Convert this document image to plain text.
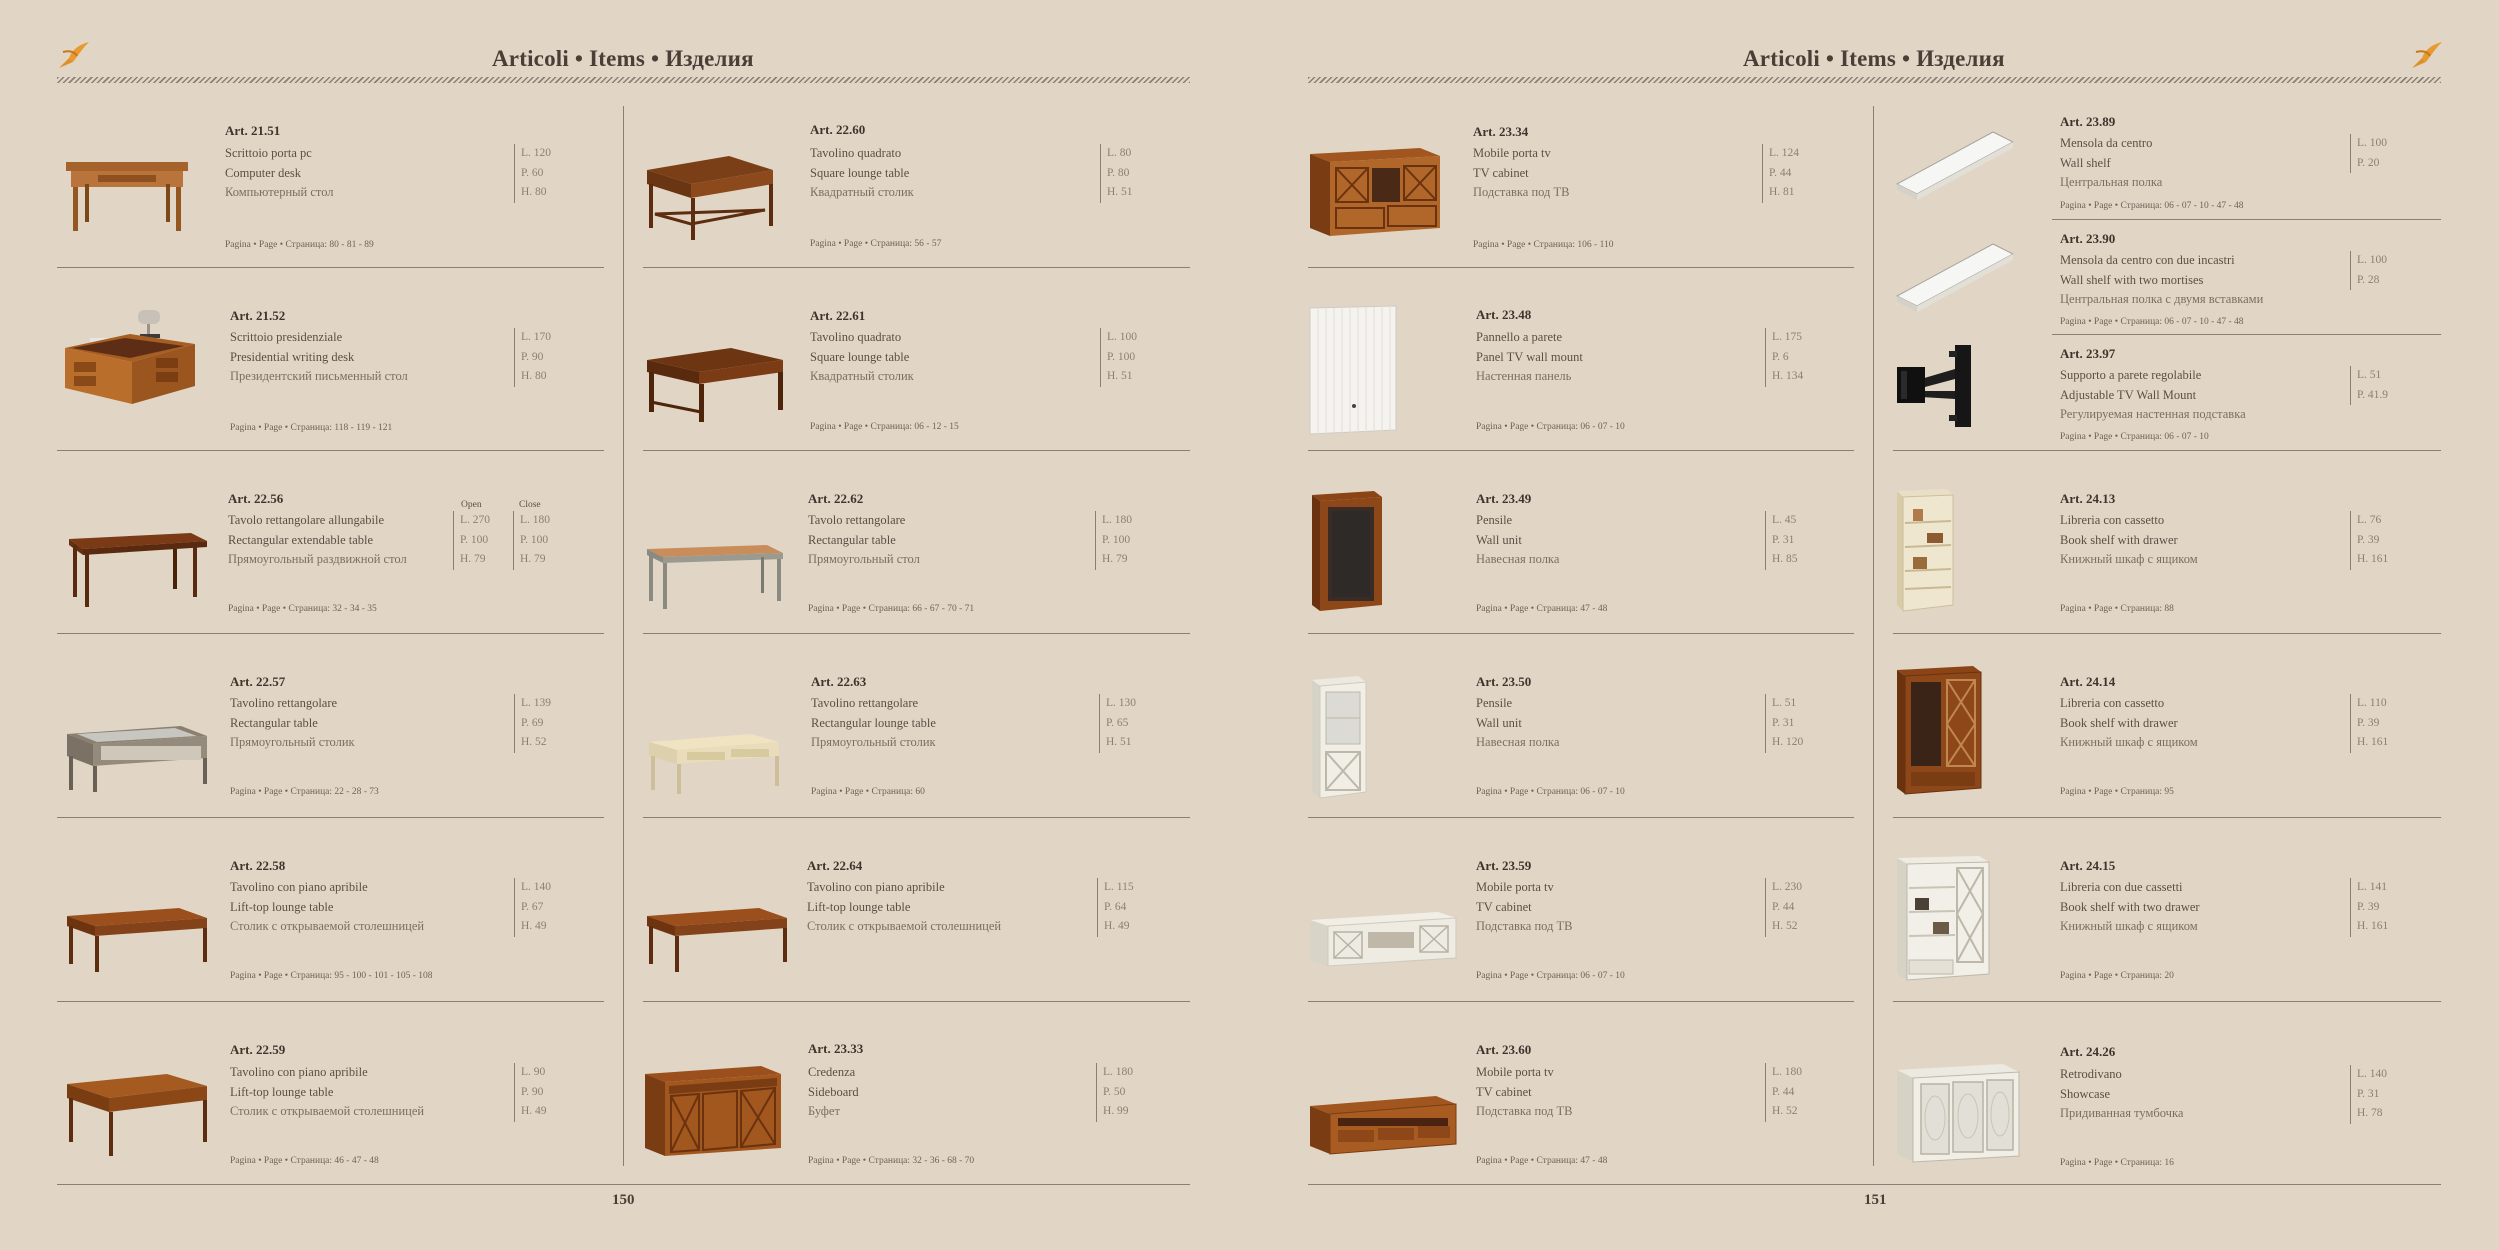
Articoli • Items • Изделия
Art. 21.51
Scrittoio porta pc
Computer desk
Компьютерный стол
L. 120
P. 60
H. 80
Pagina • Page • Страница: 80 - 81 - 89
Art. 21.52
Scrittoio presidenziale
Presidential writing desk
Президентский письменный стол
L. 170
P. 90
H. 80
Pagina • Page • Страница: 118 - 119 - 121
Art. 22.56	Open	Close
Tavolo rettangolare allungabile
Rectangular extendable table
Прямоугольный раздвижной стол
L. 270
P. 100
H. 79
L. 180
P. 100
H. 79
Pagina • Page • Страница: 32 - 34 - 35
Art. 22.57
Tavolino rettangolare
Rectangular table
Прямоугольный столик
L. 139
P. 69
H. 52
Pagina • Page • Страница: 22 - 28 - 73
Art. 22.58
Tavolino con piano apribile
Lift-top lounge table
Столик с открываемой столешницей
L. 140
P. 67
H. 49
Pagina • Page • Страница: 95 - 100 - 101 - 105 - 108
Art. 22.59
Tavolino con piano apribile
Lift-top lounge table
Столик с открываемой столешницей
L. 90
P. 90
H. 49
Pagina • Page • Страница: 46 - 47 - 48
Art. 22.60
Tavolino quadrato
Square lounge table
Квадратный столик
L. 80
P. 80
H. 51
Pagina • Page • Страница: 56 - 57
Art. 22.61
Tavolino quadrato
Square lounge table
Квадратный столик
L. 100
P. 100
H. 51
Pagina • Page • Страница: 06 - 12 - 15
Art. 22.62
Tavolo rettangolare
Rectangular table
Прямоугольный стол
L. 180
P. 100
H. 79
Pagina • Page • Страница: 66 - 67 - 70 - 71
Art. 22.63
Tavolino rettangolare
Rectangular lounge table
Прямоугольный столик
L. 130
P. 65
H. 51
Pagina • Page • Страница: 60
Art. 22.64
Tavolino con piano apribile
Lift-top lounge table
Столик с открываемой столешницей
L. 115
P. 64
H. 49
Art. 23.33
Credenza
Sideboard
Буфет
L. 180
P. 50
H. 99
Pagina • Page • Страница: 32 - 36 - 68 - 70
150
Articoli • Items • Изделия
Art. 23.34
Mobile porta tv
TV cabinet
Подставка под ТВ
L. 124
P. 44
H. 81
Pagina • Page • Страница: 106 - 110
Art. 23.48
Pannello a parete
Panel TV wall mount
Настенная панель
L. 175
P. 6
H. 134
Pagina • Page • Страница: 06 - 07 - 10
Art. 23.49
Pensile
Wall unit
Навесная полка
L. 45
P. 31
H. 85
Pagina • Page • Страница: 47 - 48
Art. 23.50
Pensile
Wall unit
Навесная полка
L. 51
P. 31
H. 120
Pagina • Page • Страница: 06 - 07 - 10
Art. 23.59
Mobile porta tv
TV cabinet
Подставка под ТВ
L. 230
P. 44
H. 52
Pagina • Page • Страница: 06 - 07 - 10
Art. 23.60
Mobile porta tv
TV cabinet
Подставка под ТВ
L. 180
P. 44
H. 52
Pagina • Page • Страница: 47 - 48
Art. 23.89
Mensola da centro
Wall shelf
Центральная полка
L. 100
P. 20
Pagina • Page • Страница: 06 - 07 - 10 - 47 - 48
Art. 23.90
Mensola da centro con due incastri
Wall shelf with two mortises
Центральная полка с двумя вставками
L. 100
P. 28
Pagina • Page • Страница: 06 - 07 - 10 - 47 - 48
Art. 23.97
Supporto a parete regolabile
Adjustable TV Wall Mount
Регулируемая настенная подставка
L. 51
P. 41.9
Pagina • Page • Страница: 06 - 07 - 10
Art. 24.13
Libreria con cassetto
Book shelf with drawer
Книжный шкаф с ящиком
L. 76
P. 39
H. 161
Pagina • Page • Страница: 88
Art. 24.14
Libreria con cassetto
Book shelf with drawer
Книжный шкаф с ящиком
L. 110
P. 39
H. 161
Pagina • Page • Страница: 95
Art. 24.15
Libreria con due cassetti
Book shelf with two drawer
Книжный шкаф с ящиком
L. 141
P. 39
H. 161
Pagina • Page • Страница: 20
Art. 24.26
Retrodivano
Showcase
Придиванная тумбочка
L. 140
P. 31
H. 78
Pagina • Page • Страница: 16
151
